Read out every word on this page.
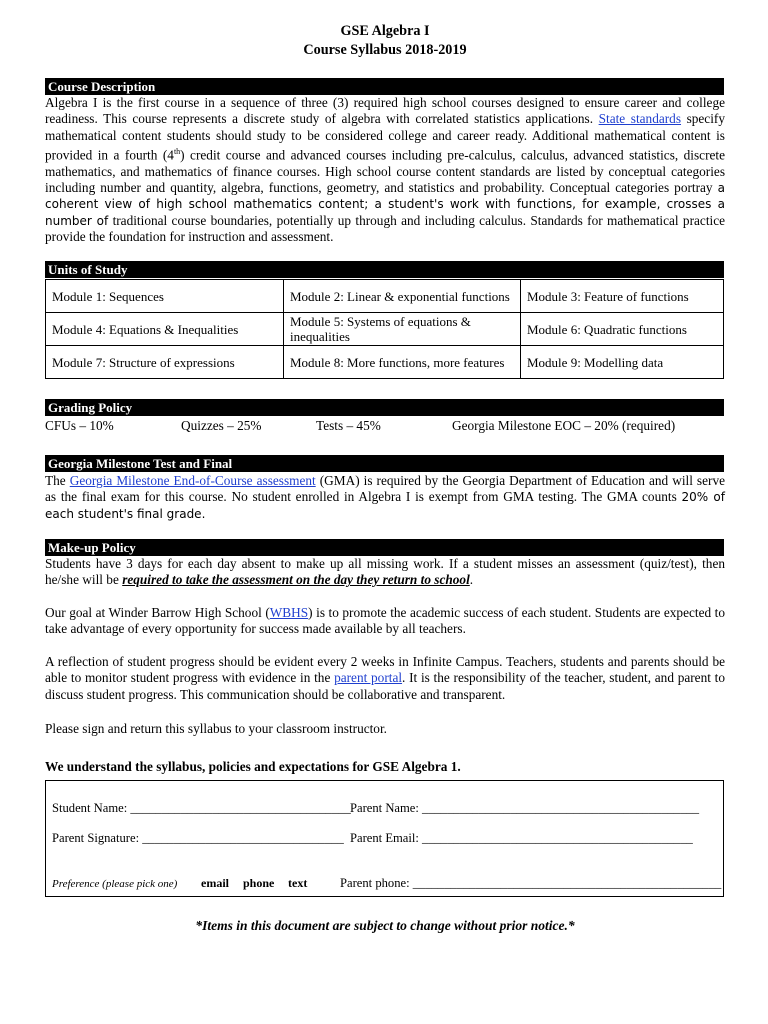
GSE Algebra I
Course Syllabus 2018-2019
Course Description

Algebra I is the first course in a sequence of three (3) required high school courses designed to ensure career and college readiness. This course represents a discrete study of algebra with correlated statistics applications. State standards specify mathematical content students should study to be considered college and career ready. Additional mathematical content is provided in a fourth (4th) credit course and advanced courses including pre-calculus, calculus, advanced statistics, discrete mathematics, and mathematics of finance courses. High school course content standards are listed by conceptual categories including number and quantity, algebra, functions, geometry, and statistics and probability. Conceptual categories portray a coherent view of high school mathematics content; a student's work with functions, for example, crosses a number of traditional course boundaries, potentially up through and including calculus. Standards for mathematical practice provide the foundation for instruction and assessment.

Units of Study
Module 1: Sequences	Module 2: Linear & exponential functions	Module 3: Feature of functions
Module 4: Equations & Inequalities	Module 5: Systems of equations & inequalities	Module 6: Quadratic functions
Module 7: Structure of expressions	Module 8: More functions, more features	Module 9: Modelling data
Grading Policy
CFUs – 10%	Quizzes – 25%	Tests – 45%	Georgia Milestone EOC – 20% (required)
Georgia Milestone Test and Final

The Georgia Milestone End-of-Course assessment (GMA) is required by the Georgia Department of Education and will serve as the final exam for this course. No student enrolled in Algebra I is exempt from GMA testing. The GMA counts 20% of each student's final grade.

Make-up Policy

Students have 3 days for each day absent to make up all missing work. If a student misses an assessment (quiz/test), then he/she will be required to take the assessment on the day they return to school.

Our goal at Winder Barrow High School (WBHS) is to promote the academic success of each student. Students are expected to take advantage of every opportunity for success made available by all teachers.

A reflection of student progress should be evident every 2 weeks in Infinite Campus. Teachers, students and parents should be able to monitor student progress with evidence in the parent portal. It is the responsibility of the teacher, student, and parent to discuss student progress. This communication should be collaborative and transparent.

Please sign and return this syllabus to your classroom instructor.
We understand the syllabus, policies and expectations for GSE Algebra 1.
Student Name: ___________________________________ Parent Name: ____________________________________________
Parent Signature: ________________________________ Parent Email: ___________________________________________
Preference (please pick one) email phone text	Parent phone: _________________________________________________
*Items in this document are subject to change without prior notice.*
